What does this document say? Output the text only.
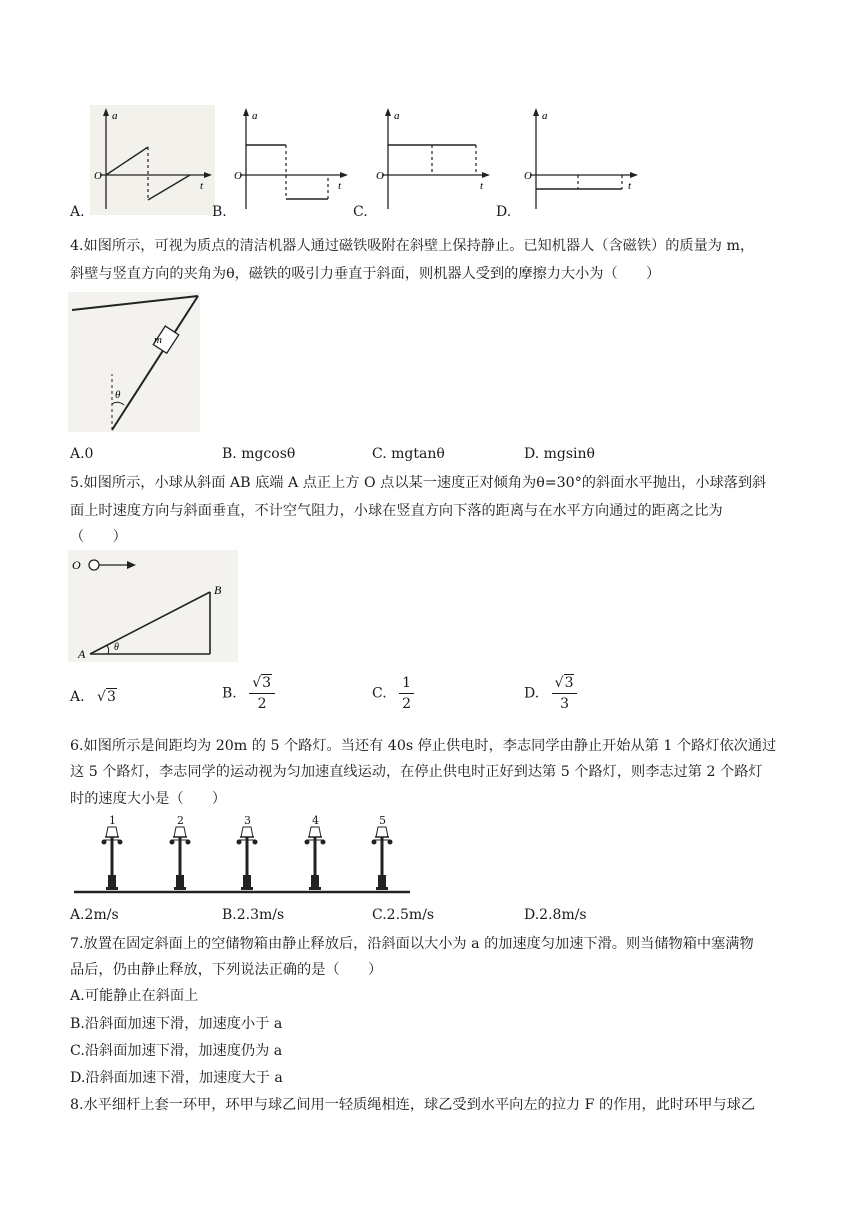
a
O
t
A.
a
O
t
B.
a
O
t
C.
a
O
t
D.
4.如图所示，可视为质点的清洁机器人通过磁铁吸附在斜壁上保持静止。已知机器人（含磁铁）的质量为 m，
斜壁与竖直方向的夹角为θ，磁铁的吸引力垂直于斜面，则机器人受到的摩擦力大小为（　　）
m
θ
A.0	B. mgcosθ	C. mgtanθ	D. mgsinθ
5.如图所示，小球从斜面 AB 底端 A 点正上方 O 点以某一速度正对倾角为θ=30°的斜面水平抛出，小球落到斜
面上时速度方向与斜面垂直，不计空气阻力，小球在竖直方向下落的距离与在水平方向通过的距离之比为
（　　）
O
θ
A
B
A. √3	B. $\frac{√3}{2}$	C. $\frac{1}{2}$	D. $\frac{√3}{3}$
6.如图所示是间距均为 20m 的 5 个路灯。当还有 40s 停止供电时，李志同学由静止开始从第 1 个路灯依次通过
这 5 个路灯，李志同学的运动视为匀加速直线运动，在停止供电时正好到达第 5 个路灯，则李志过第 2 个路灯
时的速度大小是（　　）
1	2	3	4	5
A.2m/s	B.2.3m/s	C.2.5m/s	D.2.8m/s
7.放置在固定斜面上的空储物箱由静止释放后，沿斜面以大小为 a 的加速度匀加速下滑。则当储物箱中塞满物
品后，仍由静止释放，下列说法正确的是（　　）
A.可能静止在斜面上
B.沿斜面加速下滑，加速度小于 a
C.沿斜面加速下滑，加速度仍为 a
D.沿斜面加速下滑，加速度大于 a
8.水平细杆上套一环甲，环甲与球乙间用一轻质绳相连，球乙受到水平向左的拉力 F 的作用，此时环甲与球乙
